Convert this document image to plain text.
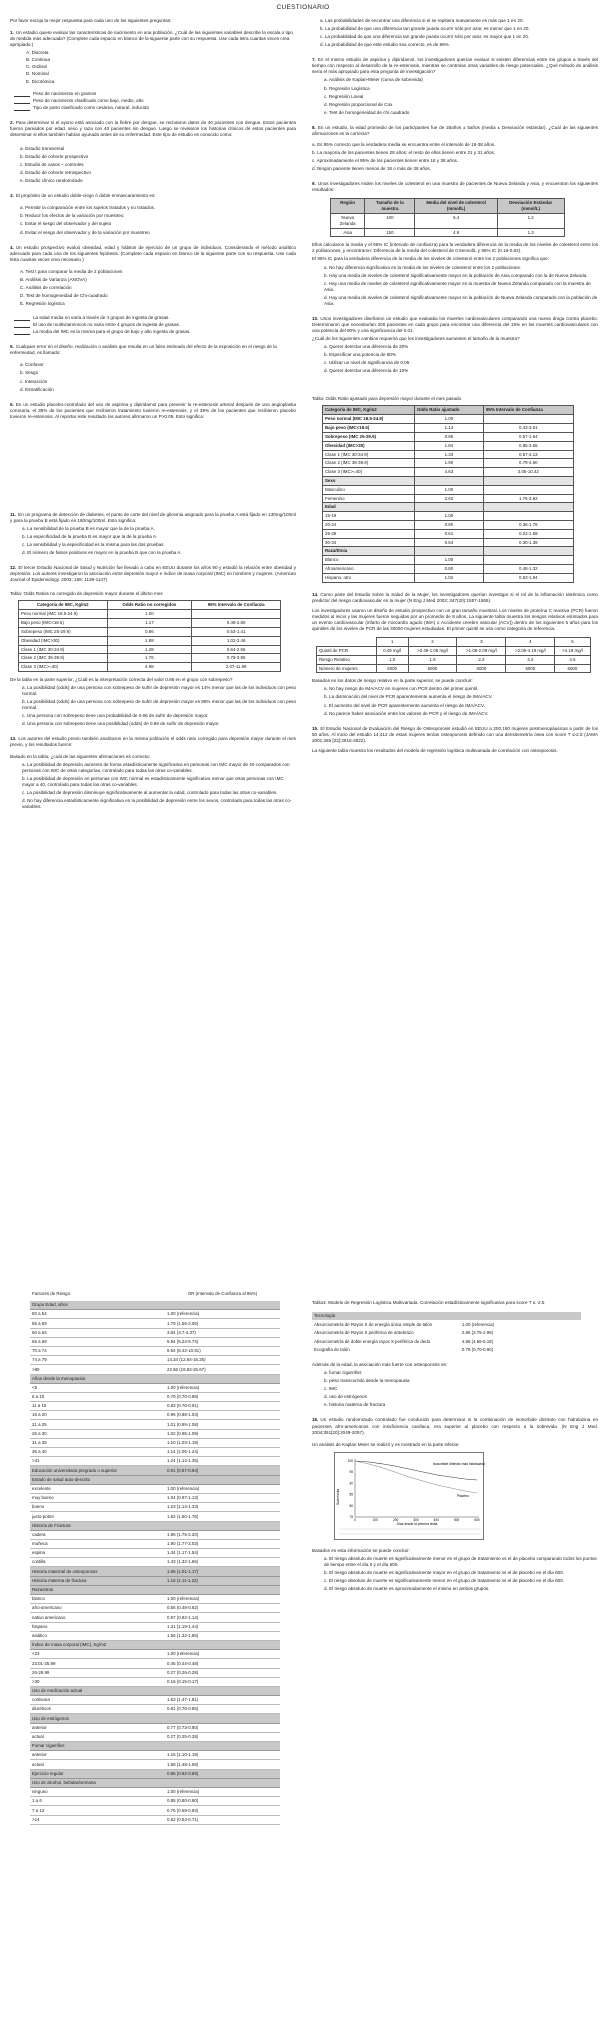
CUESTIONARIO

Por favor escoja la mejor respuesta para cada uno de los siguientes preguntas:

1. Un estadio quiere evaluar las características de nacimiento en una población. ¿Cuál de las siguientes variables describe la escala o tipo de medida más adecuada? (Complete cada espacio en blanco de la siguiente parte con su respuesta. Use cada letra cuantas veces crea apropiado.)

A. Discreta
B. Continua
C. Ordinal
D. Nominal
E. Dicotómica
Peso de nacimiento en gramos
Peso de nacimiento clasificado como bajo, medio, alto
Tipo de parto clasificado como cesárea, natural, inducido

2. Para determinar si el ayuno está asociado con la fiebre por dengue, se reclutaron datos de 40 pacientes con dengue. Estos pacientes fueron pareados por edad, sexo y raza con 40 pacientes sin dengue. Luego se revisaron los historias clínicos de estos pacientes para determinar si ellos también habían ayunado antes de su enfermedad. Este tipo de estudio es conocido como:

a. Estudio transversal

b. Estudio de cohorte prospectivo

c. Estudio de casos – controles

d. Estudio de cohorte retrospectivo

e. Estudio clínico randomizado

3. El propósito de un estudio doble-ciego ó doble enmascaramiento es:

a. Permitir la comparación entre los sujetos tratados y no tratados.

b. Reducir los efectos de la variación por muestreo.

c. Evitar el sesgo del observador y del sujeto

d. Evitar el sesgo del observador y de la variación por muestreo

4. Un estudio prospectivo evaluó obesidad, edad y hábitos de ejercicio de un grupo de individuos. Considerando el método analítico adecuado para cada una de los siguientes hipótesis. (Complete cada espacio en blanco de la siguiente parte con su respuesta. Use cada letra cuantas veces crea necesario.)

A. Test t para comparar la media de 2 poblaciones

B. Análisis de Varianza (ANOVA)

C. Análisis de correlación

D. Test de homogeneidad de Chi-cuadrado

E. Regresión logística

La edad media no varía a través de 4 grupos de ingesta de grasas.
El uso de multivitamínicos no varía entre 4 grupos de ingesta de grasas.
La media del IMC es la misma para el grupo de bajo y alto ingesta de grasas.

5. Cualquier error en el diseño, realización o análisis que resulta en un falso estimado del efecto de la exposición en el riesgo de la enfermedad, es llamado:

a. Confusor

b. Sesgo

c. Interacción

d. Estratificación

6. En un estudio placebo-controlado del uso de aspirina y dipiridamol para prevenir la re-estenosis arterial después de una angioplastia coronaria, el 38% de los pacientes que recibieron tratamiento tuvieron re-estenosis, y el 39% de los pacientes que recibieron placebo tuvieron re-estenosis. Al reportar este resultado los autores afirmaron un P>0.05. Esto significa:

11. En un programa de detección de diabetes, el punto de corte del nivel de glicemia asignado para la prueba A está fijado en 130mg/100ml y para la prueba B está fijado en 160mg/100ml. Esto significa:

a. La sensibilidad de la prueba B es mayor que la de la prueba A.
b. La especificidad de la prueba B es mayor que la de la prueba A.
c. La sensibilidad y la especificidad es la misma para las dos pruebas.
d. El número de falsos positivos es mayor en la prueba B que con la prueba A.

12. El tercer Estudio Nacional de Salud y Nutrición fue llevado a cabo en EEUU durante los años 90 y estudió la relación entre obesidad y depresión. Los autores investigaron la asociación entre depresión mayor e índice de masa corporal (IMC) en hombres y mujeres. (American Journal of Epidemiology. 2003; 158: 1139-1147)

Tabla: Odds Ratios no corregido de depresión mayor durante el último mes

Categoría de IMC, Kg/m2	Odds Ratio no corregidos	95% Intervalo de Confianza
Peso normal (IMC 18.5-24.9)	1.00	
Bajo peso (IMC<18.5)	1.17	0.49-2.80
Sobrepeso (IMC 25-29.9)	0.86	0.53-1.41
Obesidad (IMC>30)	1.88	1.02-3.46
Clase 1 (IMC 30-34.9)	1.28	0.64-2.56
Clase 2 (IMC 35-39.9)	1.76	0.79-3.95
Clase 3 (IMC>=40)	4.98	2.07-11.99

De la tabla en la parte superior, ¿Cuál es la interpretación correcta del valor 0.86 en el grupo con sobrepeso?

a. La posibilidad (odds) de una persona con sobrepeso de sufrir de depresión mayor es 14% menor que las de los individuos con peso normal.
b. La posibilidad (odds) de una persona con sobrepeso de sufrir de depresión mayor es 86% menor que las de los individuos con peso normal.
c. Una persona con sobrepeso tiene una probabilidad de 0.86 de sufrir de depresión mayor.
d. Una persona con sobrepeso tiene una posibilidad (odds) de 0.86 de sufrir de depresión mayor.

13. Los autores del estudio previo también analizaron en la misma población el odds ratio corregido para depresión mayor durante el mes previo, y los resultados fueron:

Basado en la tabla, ¿cuál de las siguientes afirmaciones es correcta:

a. La posibilidad de depresión aumento de forma estadísticamente significativa en personas con IMC mayor de 40 comparados con personas con IMC de otras categorías, controlado para todas las otras co-variables.
b. La posibilidad de depresión en personas con IMC normal es estadísticamente significativo menor que otras personas con IMC mayor a 40, controlado para todas las otras co-variables.
c. La posibilidad de depresión disminuye significativamente al aumentar la edad, controlado para todas las otras co-variables.
d. No hay diferencia estadísticamente significativa en la posibilidad de depresión entre los sexos, controlado para todas las otras co-variables.

a. Las probabilidades de encontrar una diferencia si el se repitiera nuevamente es más que 1 en 20.

b. La probabilidad de que una diferencia tan grande pueda ocurrir sólo por azar, es menor que 1 en 20.

c. La probabilidad de que una diferencia tan grande pueda ocurrir sólo por azar, es mayor que 1 en 20.

d. La probabilidad de que este estudio sea correcto, es de 95%.

7. En el mismo estudio de aspirina y dipiridamol, los investigadores querían evaluar si existen diferencias entre los grupos a través del tiempo con respecto al desarrollo de la re-estenosis, mientras se controlan otras variables de riesgo potenciales. ¿Qué método de análisis sería el más apropiado para esta pregunta de investigación?

a. Análisis de Kaplan-Meier (curva de sobrevida)
b. Regresión Logística
c. Regresión Lineal
d. Regresión proporcional de Cox
e. Test de homogeneidad de chi cuadrado

8. En un estudio, la edad promedio de los participantes fue de 28años ± 5años (media ± Desviación estándar). ¿Cuál de las siguientes afirmaciones es la correcta?

a. Es 95% correcto que la verdadera media se encuentra entre el intervalo de 18-38 años.

b. La mayoría de los pacientes tienen 28 años; el resto de ellos tienen entre 21 y 31 años.

c. Aproximadamente el 95% de los pacientes tienen entre 18 y 38 años.

d. Ningún paciente tienen menos de 18 o más de 38 años.

9. Unos investigadores miden los niveles de colesterol en una muestra de pacientes de Nueva Zelanda y Asia, y encuentran los siguientes resultados:

Región	Tamaño de la muestra	Media del nivel de colesterol (mmol/L)	Desviación Estándar (mmol/L)
Nueva Zelanda	100	5.4	1.2
Asia	150	4.9	1.3

Ellos calcularon la media y el 95% IC (intervalo de confianza) para la verdadera diferencia de la media de los niveles de colesterol entre los 2 poblaciones, y encontraron: Diferencia de la media del colesterol de 0.5mmol/L y 95% IC (0.18-0.82).

El 95% IC para la verdadera diferencia de la media de los niveles de colesterol entre los 2 poblaciones significa que:

a. No hay diferencia significativa en la media de los niveles de colesterol entre los 2 poblaciones.
b. Hay una media de niveles de colesterol significativamente mayor en la población de Asia comparado con la de Nueva Zelanda.
c. Hay una media de niveles de colesterol significativamente mayor en la muestra de Nueva Zelanda comparado con la muestra de Asia.
d. Hay una media de niveles de colesterol significativamente mayor en la población de Nueva Zelanda comparado con la población de Asia.

10. Unos investigadores diseñaron un estudio que evaluaba los muertes cardiovasculares comparando una nueva droga contra placebo. Determinaron que necesitarían 200 pacientes en cada grupo para encontrar una diferencia del 15% en los muertes cardiovasculares con una potencia del 90% y una significancia del 0.01.

¿Cuál de los siguientes cambios requerirá que los investigadores aumenten el tamaño de la muestra?

a. Querer detectar una diferencia de 20%
b. Especificar una potencia de 80%
c. Utilizar un nivel de significancia de 0.05
d. Querer detectar una diferencia de 10%

Tabla: Odds Ratio ajustado para depresión mayor durante el mes pasado

Categoría de IMC, Kg/m2	Odds Ratio ajustado	95% Intervalo de Confianza
Peso normal (IMC 18.5-24.9)	1.00	
Bajo peso (IMC<18.5)	1.13	0.43-3.01
Sobrepeso (IMC 25-29.9)	0.96	0.57-1.64
Obesidad (IMC>30)	1.84	0.85-3.55
Clase 1 (IMC 30-34.9)	1.33	0.57-3.13
Clase 2 (IMC 35-39.9)	1.90	0.79-4.60
Clase 3 (IMC>=40)	4.63	2.06-10.42
Sexo		
Masculino	1.00	
Femenino	2.62	1.76-3.92
Edad		
15-19	1.00	
20-24	0.80	0.36-1.78
25-29	0.61	0.22-1.69
30-34	0.64	0.30-1.39
Raza/Etnia		
Blanco	1.00	
Afroamericano	0.80	0.48-1.32
Hispano, otro	1.02	0.53-1.94

14. Como parte del Estudio sobre la Salud de la Mujer, los investigadores querían investigar si el rol de la inflamación sistémica como predictor del riesgo cardiovascular en la mujer (N Eng J Med 2002; 347(20):1557-1565).

Los investigadores usaron un diseño de estudio prospectivo con un gran tamaño muestral. Los niveles de proteína C reactiva (PCR) fueron medidos al inicio y las mujeres fueron seguidas por un promedio de 8 años. La siguiente tabla muestra los riesgos relativos estimados para un evento cardiovascular (infarto de miocardio agudo (IMA) o Accidente cerebro vascular (ACV)) dentro de los siguientes 5 años para los quintiles de los niveles de PCR de las 30000 mujeres estudiadas. El primer quintil se usa como categoría de referencia.

	1	2	3	4	5
Quintil de PCR	0.49 mg/l	>0.49-1.08 mg/l	>1.08-2.09 mg/l	>2.09-4.19 mg/l	>4.19 mg/l
Riesgo Relativo	1.0	1.8	2.3	3.2	4.5
Número de mujeres	6000	6000	6000	6000	6000

Basados en los datos de riesgo relativo en la parte superior, se puede concluir:

a. No hay riesgo de IMA/ACV en mujeres con PCR dentro del primer quintil.
b. La disminución del nivel de PCR aparentemente aumenta el riesgo de IMA/ACV.
c. El aumento del nivel de PCR aparentemente aumenta el riesgo de IMA/ACV.
d. No parece haber asociación entre los valores de PCR y el riesgo de IMA/ACV.

15. El Estudio Nacional de Evaluación del Riesgo de Osteoporosis estudió en EEUU a 200,160 mujeres postmenopáusicas a partir de los 50 años. Al inicio del estudio 14,412 de estas mujeres tenían osteoporosis definido con una densitometría ósea con score T ≤-2.5 (JAMA 2001;286 [22]:2815-2822).

La siguiente tabla muestra los resultados del modelo de regresión logística multivariada de correlación con osteoporosis.

Factores de Riesgo	OR (Intervalo de Confianza al 95%)
Grupo Edad, años	
50 a 54	1.00 (referencia)
55 a 59	1.79 (1.56-2.06)
60 a 64	3.84 (3.7-4.37)
65 a 69	5.94 (5.24-6.74)
70 a 74	9.54 (8.42-10.81)
74 a 79	14.34 (12.64-16.26)
>80	22.56 (19.82-25.67)
Años desde la menopausia	
<5	1.00 (referencia)
6 a 10	0.79 (0.70-0.89)
11 a 15	0.83 (0.76-0.91)
16 a 20	0.96 (0.88-1.03)
21 a 25	1.01 (0.95-1.08)
26 a 30	1.02 (0.95-1.09)
31 a 35	1.10 (1.03-1.19)
36 a 40	1.14 (1.05-1.24)
>41	1.24 (1.14-1.35)
Educación universitaria pregrado o superior	0.91 (0.87-0.94)
Estado de salud auto-descrito	
excelente	1.00 (referencia)
muy bueno	1.04 (0.97-1.13)
bueno	1.23 (1.14-1.33)
justo-pobre	1.62 (1.50-1.76)
Historia de Fractura	
cadera	1.96 (1.75-2.20)
muñeca	1.90 (1.77-2.03)
espina	1.34 (1.17-1.54)
costilla	1.43 (1.32-1.56)
Historia maternal de osteoporosis	1.08 (1.01-1.17)
Historia materna de fractura	1.16 (1.11-1.22)
Raza/etnia	
blanco	1.00 (referencia)
afro-americano	0.55 (0.48-0.62)
nativo americano	0.97 (0.82-1.14)
hispano	1.31 (1.19-1.44)
asiático	1.56 (1.32-1.85)
Índice de masa corporal (IMC), Kg/m2	
<23	1.00 (referencia)
23.01-25.99	0.46 (0.44-0.48)
26-29.99	0.27 (0.26-0.28)
>30	0.16 (0.15-0.17)
Uso de medicación actual	
cortisona	1.63 (1.47-1.81)
diuréticos	0.81 (0.76-0.85)
Uso de estrógenos	
anterior	0.77 (0.73-0.80)
actual	0.27 (0.25-0.28)
Fumar cigarrillos	
anterior	1.16 (1.10-1.19)
actual	1.58 (1.48-1.68)
Ejercicio regular	0.86 (0.82-0.89)
Uso de alcohol, bebidas/semana	
ninguno	1.00 (referencia)
1 a 6	0.85 (0.80-0.90)
7 a 13	0.76 (0.69-0.83)
>14	0.62 (0.54-0.71)

Tabla3. Modelo de Regresión Logística Multivariada. Correlación estadísticamente significativa para score T ≤ -2.5

Tecnología	
Absorciometría de Rayos X de energía única simple de talón	1.00 (referencia)
Absorciometría de Rayos X periférica de antebrazo	2.86 (2.75-2.99)
Absorciometría de doble energía rayos X periférica de dedo	4.86 (4.56-5.18)
Ecografía de talón	0.79 (0.70-0.90)

Además de la edad, la asociación más fuerte con osteoporosis es:

a. fumar cigarrillos
b. peso transcurrido desde la menopausia
c. IMC
d. uso de estrógenos
e. historia materna de fractura

16. Un estudio randomizado controlado fue conducido para determinar si la combinación de isosorbide dinitrato con hidralazina en pacientes afro-americanos con insuficiencia cardíaca, era superior al placebo con respecto a la sobrevida. (N Eng J Med. 2004;351[20]:2049-2057).

Un análisis de Kaplan Meier se realizó y es mostrado en la parte inferior.

Sobrevida
100
95
90
85
80
75
0	100	200	300	400	500	600
Isosorbide dinitrato más hidralazina
Placebo
Días desde la primera visita

Basados en esta información se puede concluir:

a. El riesgo absoluto de muerte es significativamente menor en el grupo de tratamiento vs el de placebo comparando todos los puntos de tiempo entre el día 0 y el día 600.
b. El riesgo absoluto de muerte es significativamente mayor en el grupo de tratamiento vs el de placebo en el día 600.
c. El riesgo absoluto de muerte es significativamente menor en el grupo de tratamiento vs el de placebo en el día 600.
d. El riesgo absoluto de muerte es aproximadamente el mismo en ambos grupos.
